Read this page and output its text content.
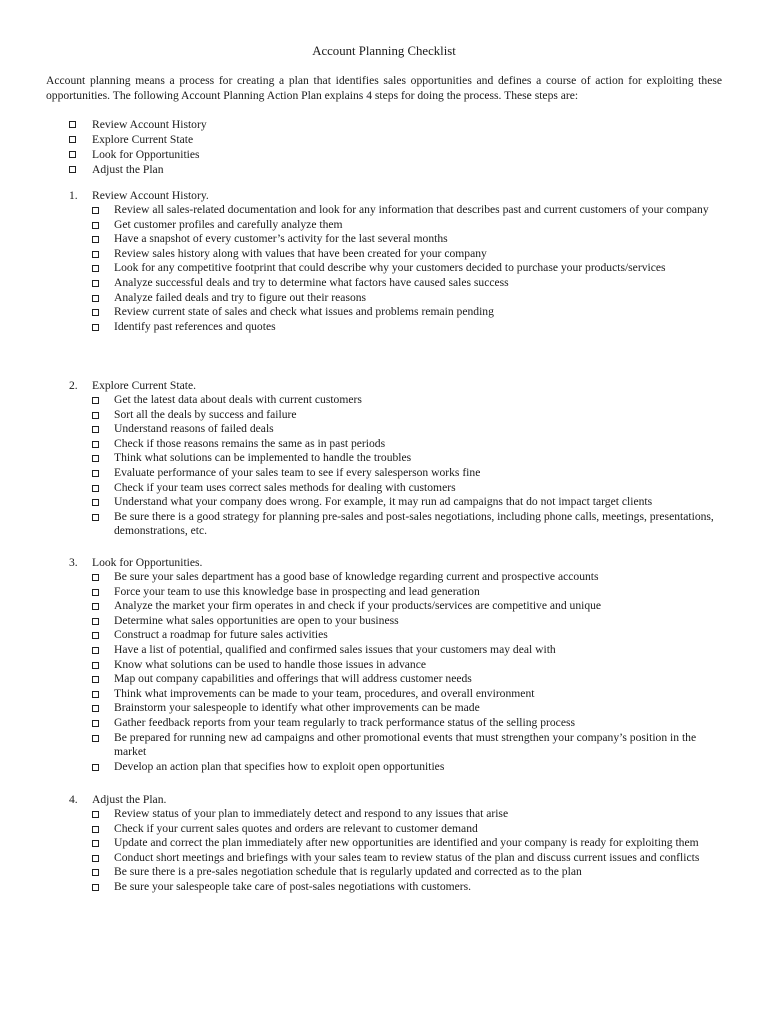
Account Planning Checklist
Account planning means a process for creating a plan that identifies sales opportunities and defines a course of action for exploiting these opportunities. The following Account Planning Action Plan explains 4 steps for doing the process. These steps are:
Review Account History
Explore Current State
Look for Opportunities
Adjust the Plan
1.	Review Account History.
Review all sales-related documentation and look for any information that describes past and current customers of your company
Get customer profiles and carefully analyze them
Have a snapshot of every customer’s activity for the last several months
Review sales history along with values that have been created for your company
Look for any competitive footprint that could describe why your customers decided to purchase your products/services
Analyze successful deals and try to determine what factors have caused sales success
Analyze failed deals and try to figure out their reasons
Review current state of sales and check what issues and problems remain pending
Identify past references and quotes
2.	Explore Current State.
Get the latest data about deals with current customers
Sort all the deals by success and failure
Understand reasons of failed deals
Check if those reasons remains the same as in past periods
Think what solutions can be implemented to handle the troubles
Evaluate performance of your sales team to see if every salesperson works fine
Check if your team uses correct sales methods for dealing with customers
Understand what your company does wrong. For example, it may run ad campaigns that do not impact target clients
Be sure there is a good strategy for planning pre-sales and post-sales negotiations, including phone calls, meetings, presentations, demonstrations, etc.
3.	Look for Opportunities.
Be sure your sales department has a good base of knowledge regarding current and prospective accounts
Force your team to use this knowledge base in prospecting and lead generation
Analyze the market your firm operates in and check if your products/services are competitive and unique
Determine what sales opportunities are open to your business
Construct a roadmap for future sales activities
Have a list of potential, qualified and confirmed sales issues that your customers may deal with
Know what solutions can be used to handle those issues in advance
Map out company capabilities and offerings that will address customer needs
Think what improvements can be made to your team, procedures, and overall environment
Brainstorm your salespeople to identify what other improvements can be made
Gather feedback reports from your team regularly to track performance status of the selling process
Be prepared for running new ad campaigns and other promotional events that must strengthen your company’s position in the market
Develop an action plan that specifies how to exploit open opportunities
4.	Adjust the Plan.
Review status of your plan to immediately detect and respond to any issues that arise
Check if your current sales quotes and orders are relevant to customer demand
Update and correct the plan immediately after new opportunities are identified and your company is ready for exploiting them
Conduct short meetings and briefings with your sales team to review status of the plan and discuss current issues and conflicts
Be sure there is a pre-sales negotiation schedule that is regularly updated and corrected as to the plan
Be sure your salespeople take care of post-sales negotiations with customers.
